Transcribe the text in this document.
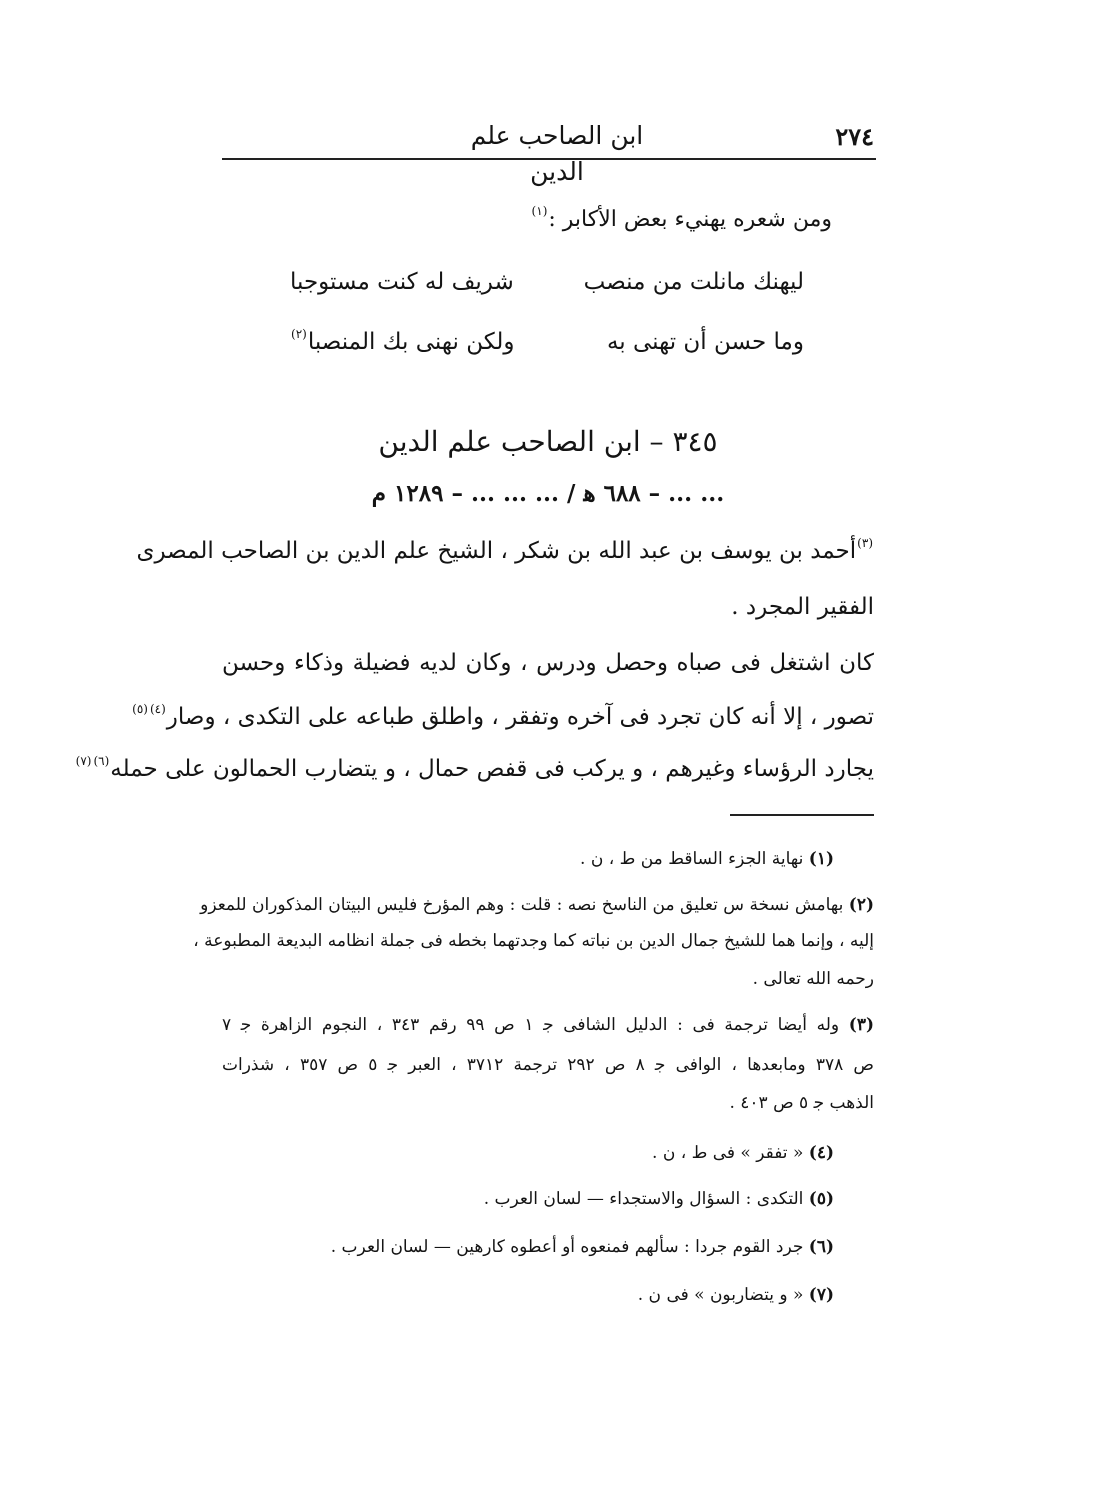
ابن الصاحب علم الدين
٢٧٤
ومن شعره يهنيء بعض الأكابر :$^{(١)}$
ليهنك مانلت من منصب
شريف له كنت مستوجبا
وما حسن أن تهنى به
ولكن نهنى بك المنصبا$^{(٢)}$
٣٤٥ – ابن الصاحب علم الدين
... ... – ٦٨٨ ﻫ / ... ... ... – ١٢٨٩ م
$^{(٣)}$أحمد بن يوسف بن عبد الله بن شكر ، الشيخ علم الدين بن الصاحب المصرى
الفقير المجرد .
كان اشتغل فى صباه وحصل ودرس ، وكان لديه فضيلة وذكاء وحسن
تصور ، إلا أنه كان تجرد فى آخره وتفقر ، واطلق طباعه على التكدى ، وصار$^{(٤)(٥)}$
يجارد الرؤساء وغيرهم ، و يركب فى قفص حمال ، و يتضارب الحمالون على حمله$^{(٦)(٧)}$
(١) نهاية الجزء الساقط من ط ، ن .
(٢) بهامش نسخة س تعليق من الناسخ نصه : قلت : وهم المؤرخ فليس البيتان المذكوران للمعزو
إليه ، وإنما هما للشيخ جمال الدين بن نباته كما وجدتهما بخطه فى جملة انظامه البديعة المطبوعة ،
رحمه الله تعالى .
(٣) وله أيضا ترجمة فى : الدليل الشافى ﺟ ١ ص ٩٩ رقم ٣٤٣ ، النجوم الزاهرة ﺟ ٧
ص ٣٧٨ ومابعدها ، الوافى ﺟ ٨ ص ٢٩٢ ترجمة ٣٧١٢ ، العبر ﺟ ٥ ص ٣٥٧ ، شذرات
الذهب ﺟ ٥ ص ٤٠٣ .
(٤) « تفقر » فى ط ، ن .
(٥) التكدى : السؤال والاستجداء — لسان العرب .
(٦) جرد القوم جردا : سألهم فمنعوه أو أعطوه كارهين — لسان العرب .
(٧) « و يتضاربون » فى ن .
